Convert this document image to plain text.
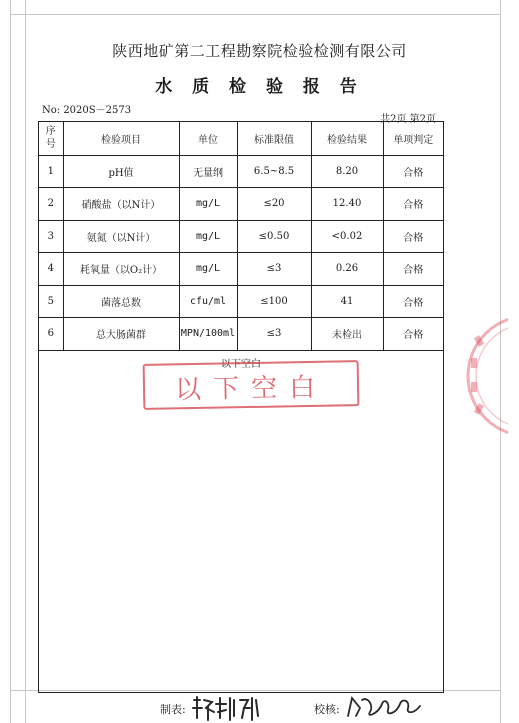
陕西地矿第二工程勘察院检验检测有限公司
水 质 检 验 报 告
No: 2020S－2573
共2页 第2页
序
号	检验项目	单位	标准限值	检验结果	单项判定
1	pH值	无量纲	6.5~8.5	8.20	合格
2	硝酸盐（以N计）	mg/L	≤20	12.40	合格
3	氨氮（以N计）	mg/L	≤0.50	<0.02	合格
4	耗氧量（以O₂计）	mg/L	≤3	0.26	合格
5	菌落总数	cfu/ml	≤100	41	合格
6	总大肠菌群	MPN/100ml	≤3	未检出	合格
以下空白
以下空白
制表:	校核:
